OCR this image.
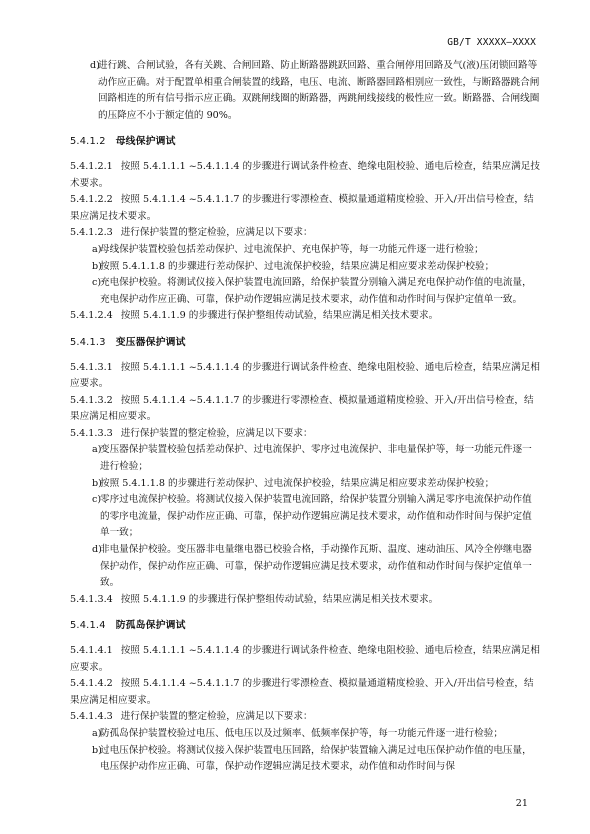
GB/T XXXXX—XXXX
d)
进行跳、合闸试验，各有关跳、合闸回路、防止断路器跳跃回路、重合闸停用回路及气(液)压闭锁回路等动作应正确。对于配置单相重合闸装置的线路，电压、电流、断路器回路相别应一致性，与断路器跳合闸回路相连的所有信号指示应正确。双跳闸线圈的断路器，两跳闸线接线的极性应一致。断路器、合闸线圈的压降应不小于额定值的 90%。
5.4.1.2 母线保护调试

5.4.1.2.1 按照 5.4.1.1.1 ~5.4.1.1.4 的步骤进行调试条件检查、绝缘电阻校验、通电后检查，结果应满足技术要求。

5.4.1.2.2 按照 5.4.1.1.4 ~5.4.1.1.7 的步骤进行零漂检查、模拟量通道精度检验、开入/开出信号检查，结果应满足技术要求。

5.4.1.2.3 进行保护装置的整定检验，应满足以下要求：

a)
母线保护装置校验包括差动保护、过电流保护、充电保护等，每一功能元件逐一进行检验；
b)
按照 5.4.1.1.8 的步骤进行差动保护、过电流保护校验，结果应满足相应要求差动保护校验；
c)
充电保护校验。将测试仪接入保护装置电流回路，给保护装置分别输入满足充电保护动作值的电流量，充电保护动作应正确、可靠，保护动作逻辑应满足技术要求，动作值和动作时间与保护定值单一致。

5.4.1.2.4 按照 5.4.1.1.9 的步骤进行保护整组传动试验，结果应满足相关技术要求。

5.4.1.3 变压器保护调试

5.4.1.3.1 按照 5.4.1.1.1 ~5.4.1.1.4 的步骤进行调试条件检查、绝缘电阻校验、通电后检查，结果应满足相应要求。

5.4.1.3.2 按照 5.4.1.1.4 ~5.4.1.1.7 的步骤进行零漂检查、模拟量通道精度检验、开入/开出信号检查，结果应满足相应要求。

5.4.1.3.3 进行保护装置的整定检验，应满足以下要求：

a)
变压器保护装置校验包括差动保护、过电流保护、零序过电流保护、非电量保护等，每一功能元件逐一进行检验；
b)
按照 5.4.1.1.8 的步骤进行差动保护、过电流保护校验，结果应满足相应要求差动保护校验；
c)
零序过电流保护校验。将测试仪接入保护装置电流回路，给保护装置分别输入满足零序电流保护动作值的零序电流量，保护动作应正确、可靠，保护动作逻辑应满足技术要求，动作值和动作时间与保护定值单一致；
d)
非电量保护校验。变压器非电量继电器已校验合格，手动操作瓦斯、温度、速动油压、风冷全停继电器保护动作，保护动作应正确、可靠，保护动作逻辑应满足技术要求，动作值和动作时间与保护定值单一致。

5.4.1.3.4 按照 5.4.1.1.9 的步骤进行保护整组传动试验，结果应满足相关技术要求。

5.4.1.4 防孤岛保护调试

5.4.1.4.1 按照 5.4.1.1.1 ~5.4.1.1.4 的步骤进行调试条件检查、绝缘电阻校验、通电后检查，结果应满足相应要求。

5.4.1.4.2 按照 5.4.1.1.4 ~5.4.1.1.7 的步骤进行零漂检查、模拟量通道精度检验、开入/开出信号检查，结果应满足相应要求。

5.4.1.4.3 进行保护装置的整定检验，应满足以下要求：

a)
防孤岛保护装置校验过电压、低电压以及过频率、低频率保护等，每一功能元件逐一进行检验；
b)
过电压保护校验。将测试仪接入保护装置电压回路，给保护装置输入满足过电压保护动作值的电压量，电压保护动作应正确、可靠，保护动作逻辑应满足技术要求，动作值和动作时间与保
21
